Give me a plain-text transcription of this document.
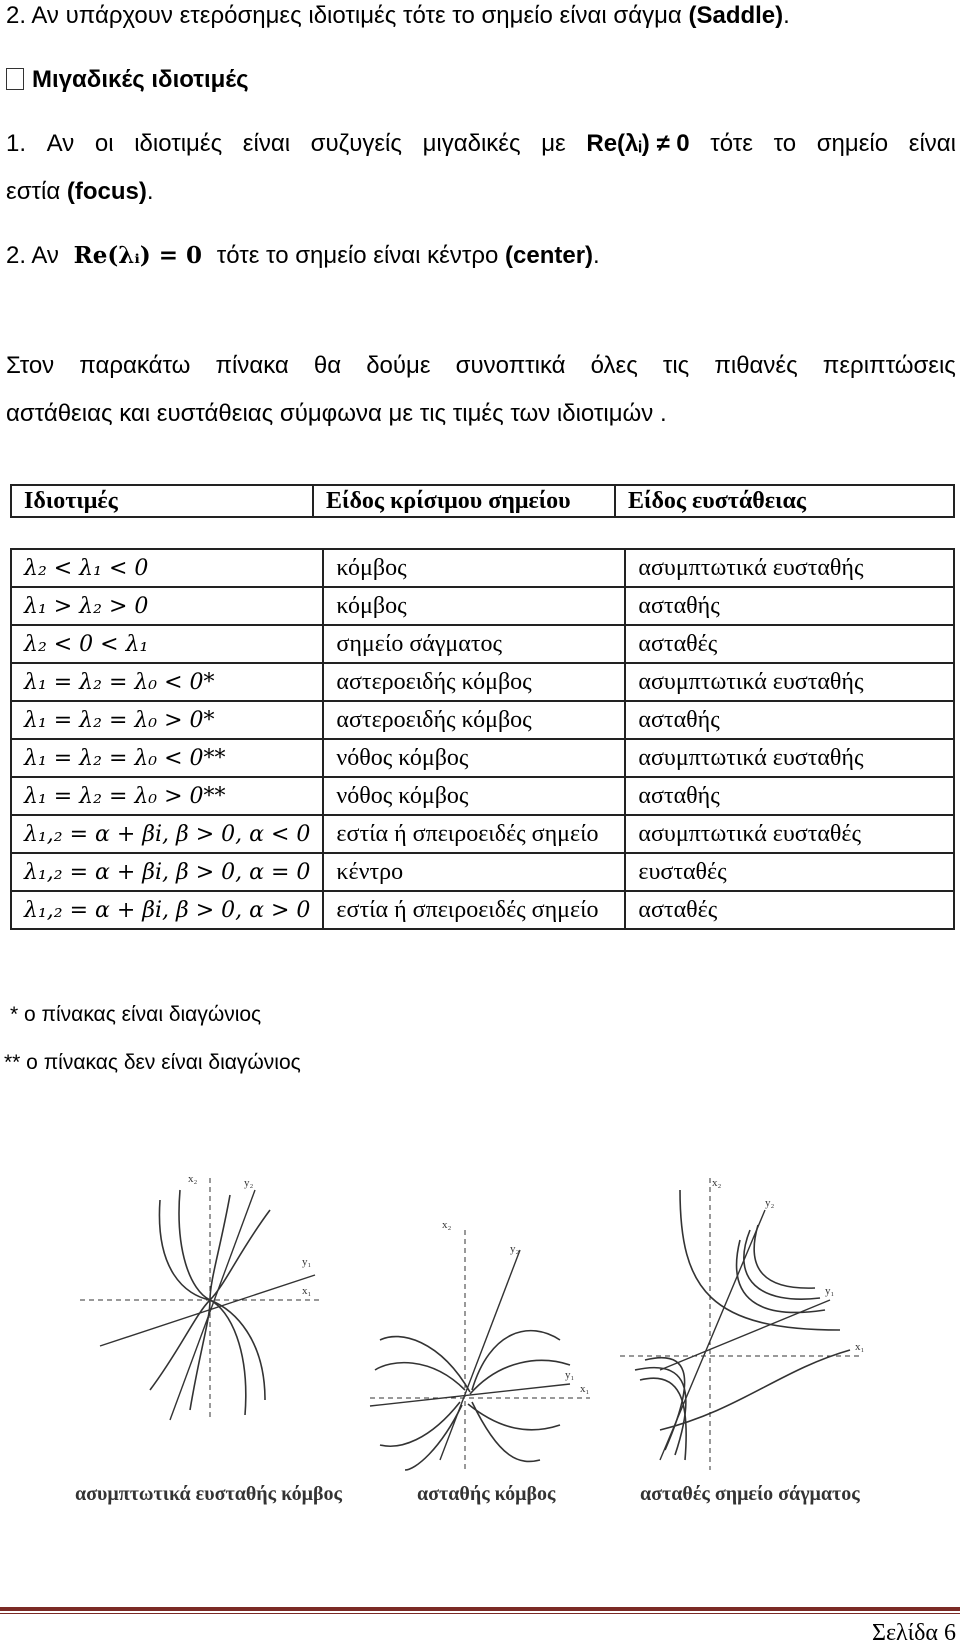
2. Αν υπάρχουν ετερόσημες ιδιοτιμές τότε το σημείο είναι σάγμα (Saddle).
Μιγαδικές ιδιοτιμές
1. Αν οι ιδιοτιμές είναι συζυγείς μιγαδικές με Re(λᵢ) ≠ 0 τότε το σημείο είναι
εστία (focus).
2. Αν Re(λᵢ) = 0 τότε το σημείο είναι κέντρο (center).
Στον παρακάτω πίνακα θα δούμε συνοπτικά όλες τις πιθανές περιπτώσεις
αστάθειας και ευστάθειας σύμφωνα με τις τιμές των ιδιοτιμών .
Ιδιοτιμές	Είδος κρίσιμου σημείου	Είδος ευστάθειας
λ₂ < λ₁ < 0	κόμβος	ασυμπτωτικά ευσταθής
λ₁ > λ₂ > 0	κόμβος	ασταθής
λ₂ < 0 < λ₁	σημείο σάγματος	ασταθές
λ₁ = λ₂ = λ₀ < 0*	αστεροειδής κόμβος	ασυμπτωτικά ευσταθής
λ₁ = λ₂ = λ₀ > 0*	αστεροειδής κόμβος	ασταθής
λ₁ = λ₂ = λ₀ < 0**	νόθος κόμβος	ασυμπτωτικά ευσταθής
λ₁ = λ₂ = λ₀ > 0**	νόθος κόμβος	ασταθής
λ₁,₂ = α + βi, β > 0, α < 0	εστία ή σπειροειδές σημείο	ασυμπτωτικά ευσταθές
λ₁,₂ = α + βi, β > 0, α = 0	κέντρο	ευσταθές
λ₁,₂ = α + βi, β > 0, α > 0	εστία ή σπειροειδές σημείο	ασταθές
* ο πίνακας είναι διαγώνιος
** ο πίνακας δεν είναι διαγώνιος
x₂	y₂
y₁
x₁
x₂
y₂
y₁
x₁
x₂
y₂
y₁
x₁
ασυμπτωτικά ευσταθής κόμβος	ασταθής κόμβος	ασταθές σημείο σάγματος
Σελίδα 6
